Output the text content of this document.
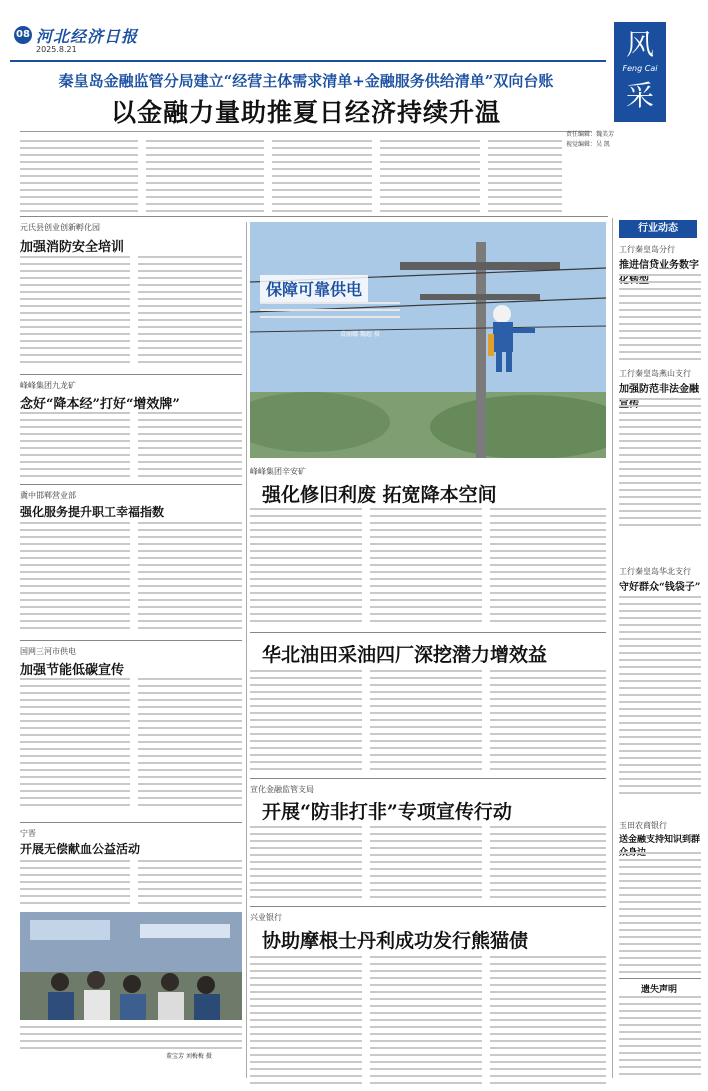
08 河北经济日报
2025.8.21	风
Feng Cai
采
秦皇岛金融监管分局建立“经营主体需求清单+金融服务供给清单”双向台账
以金融力量助推夏日经济持续升温
责任编辑：魏美芳
视觉编辑：吴 凯
行业动态
工行秦皇岛分行
推进信贷业务数字
工行秦皇岛燕山支行
加强防范非法金融
工行秦皇岛华北支行
守好群众“钱袋子”
玉田农商银行
送金融支持知识到群
遗失声明
元氏县创业创新孵化园
加强消防安全培训
峰峰集团九龙矿
念好“降本经”打好“增效牌”
冀中邯郸营业部
强化服务提升职工幸福指数
国网三河市供电
加强节能低碳宣传
宁晋
开展无偿献血公益活动
董宝芳 刘梅梅 摄
保障可靠供电
袁丽娜 魏超 摄
峰峰集团辛安矿
强化修旧利废 拓宽降本空间
华北油田采油四厂深挖潜力增效益
宣化金融监管支局
开展“防非打非”专项宣传行动
兴业银行
协助摩根士丹利成功发行熊猫债
